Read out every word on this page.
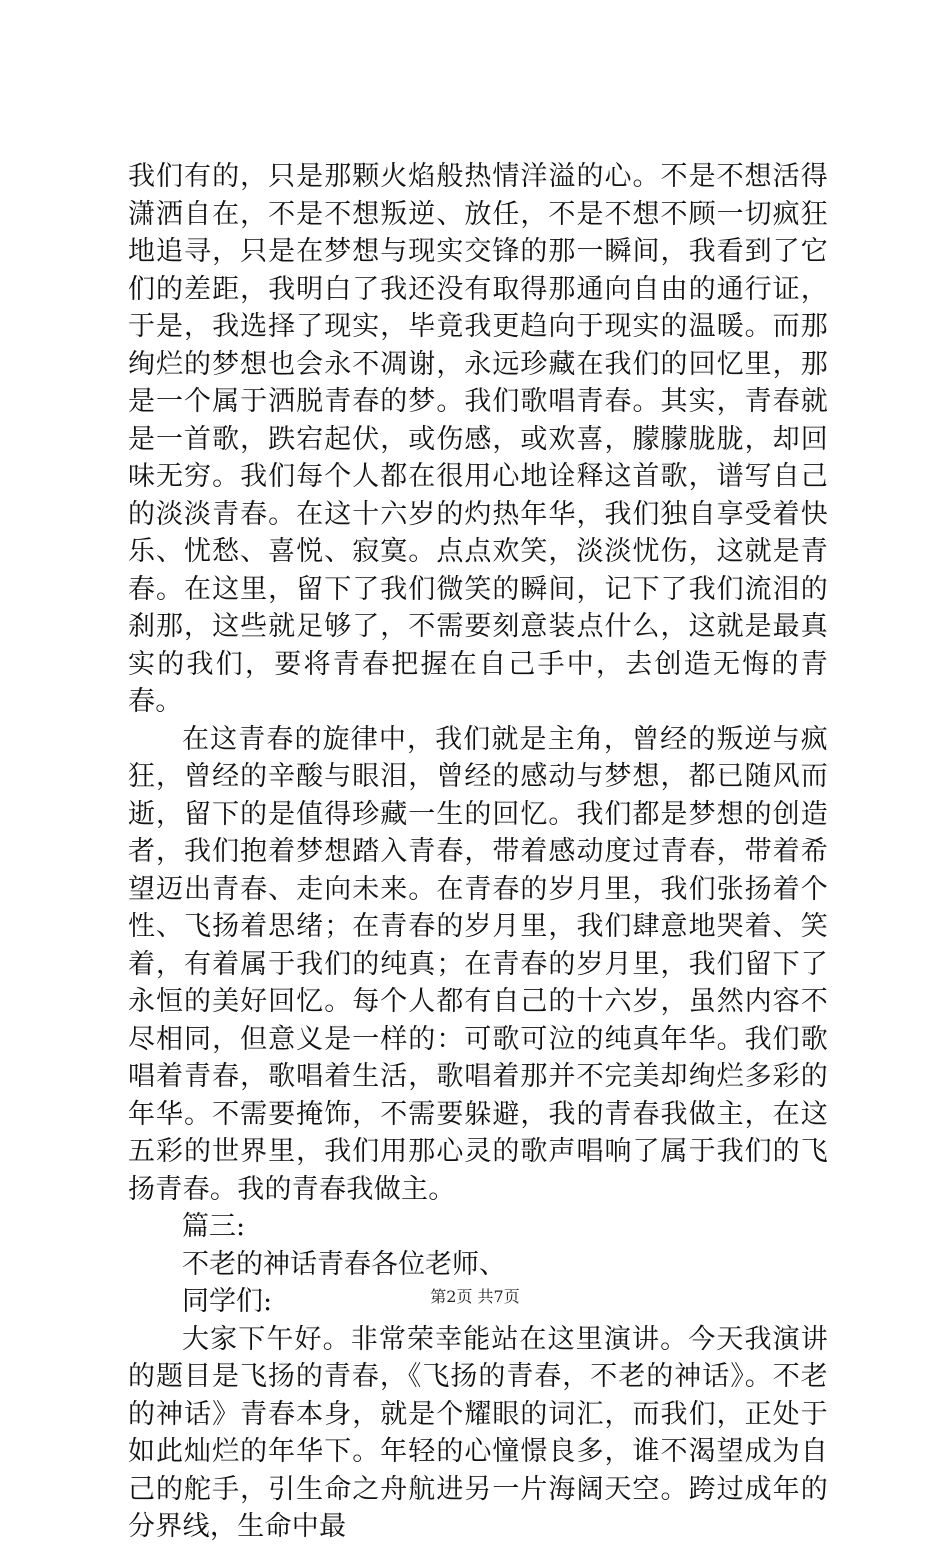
我们有的，只是那颗火焰般热情洋溢的心。不是不想活得潇洒自在，不是不想叛逆、放任，不是不想不顾一切疯狂地追寻，只是在梦想与现实交锋的那一瞬间，我看到了它们的差距，我明白了我还没有取得那通向自由的通行证，于是，我选择了现实，毕竟我更趋向于现实的温暖。而那绚烂的梦想也会永不凋谢，永远珍藏在我们的回忆里，那是一个属于洒脱青春的梦。我们歌唱青春。其实，青春就是一首歌，跌宕起伏，或伤感，或欢喜，朦朦胧胧，却回味无穷。我们每个人都在很用心地诠释这首歌，谱写自己的淡淡青春。在这十六岁的灼热年华，我们独自享受着快乐、忧愁、喜悦、寂寞。点点欢笑，淡淡忧伤，这就是青春。在这里，留下了我们微笑的瞬间，记下了我们流泪的刹那，这些就足够了，不需要刻意装点什么，这就是最真实的我们，要将青春把握在自己手中，去创造无悔的青春。

在这青春的旋律中，我们就是主角，曾经的叛逆与疯狂，曾经的辛酸与眼泪，曾经的感动与梦想，都已随风而逝，留下的是值得珍藏一生的回忆。我们都是梦想的创造者，我们抱着梦想踏入青春，带着感动度过青春，带着希望迈出青春、走向未来。在青春的岁月里，我们张扬着个性、飞扬着思绪；在青春的岁月里，我们肆意地哭着、笑着，有着属于我们的纯真；在青春的岁月里，我们留下了永恒的美好回忆。每个人都有自己的十六岁，虽然内容不尽相同，但意义是一样的：可歌可泣的纯真年华。我们歌唱着青春，歌唱着生活，歌唱着那并不完美却绚烂多彩的年华。不需要掩饰，不需要躲避，我的青春我做主，在这五彩的世界里，我们用那心灵的歌声唱响了属于我们的飞扬青春。我的青春我做主。

篇三:

不老的神话青春各位老师、

同学们:

大家下午好。非常荣幸能站在这里演讲。今天我演讲的题目是飞扬的青春，《飞扬的青春，不老的神话》。不老的神话》青春本身，就是个耀眼的词汇，而我们，正处于如此灿烂的年华下。年轻的心憧憬良多，谁不渴望成为自己的舵手，引生命之舟航进另一片海阔天空。跨过成年的分界线，生命中最

第2页 共7页
